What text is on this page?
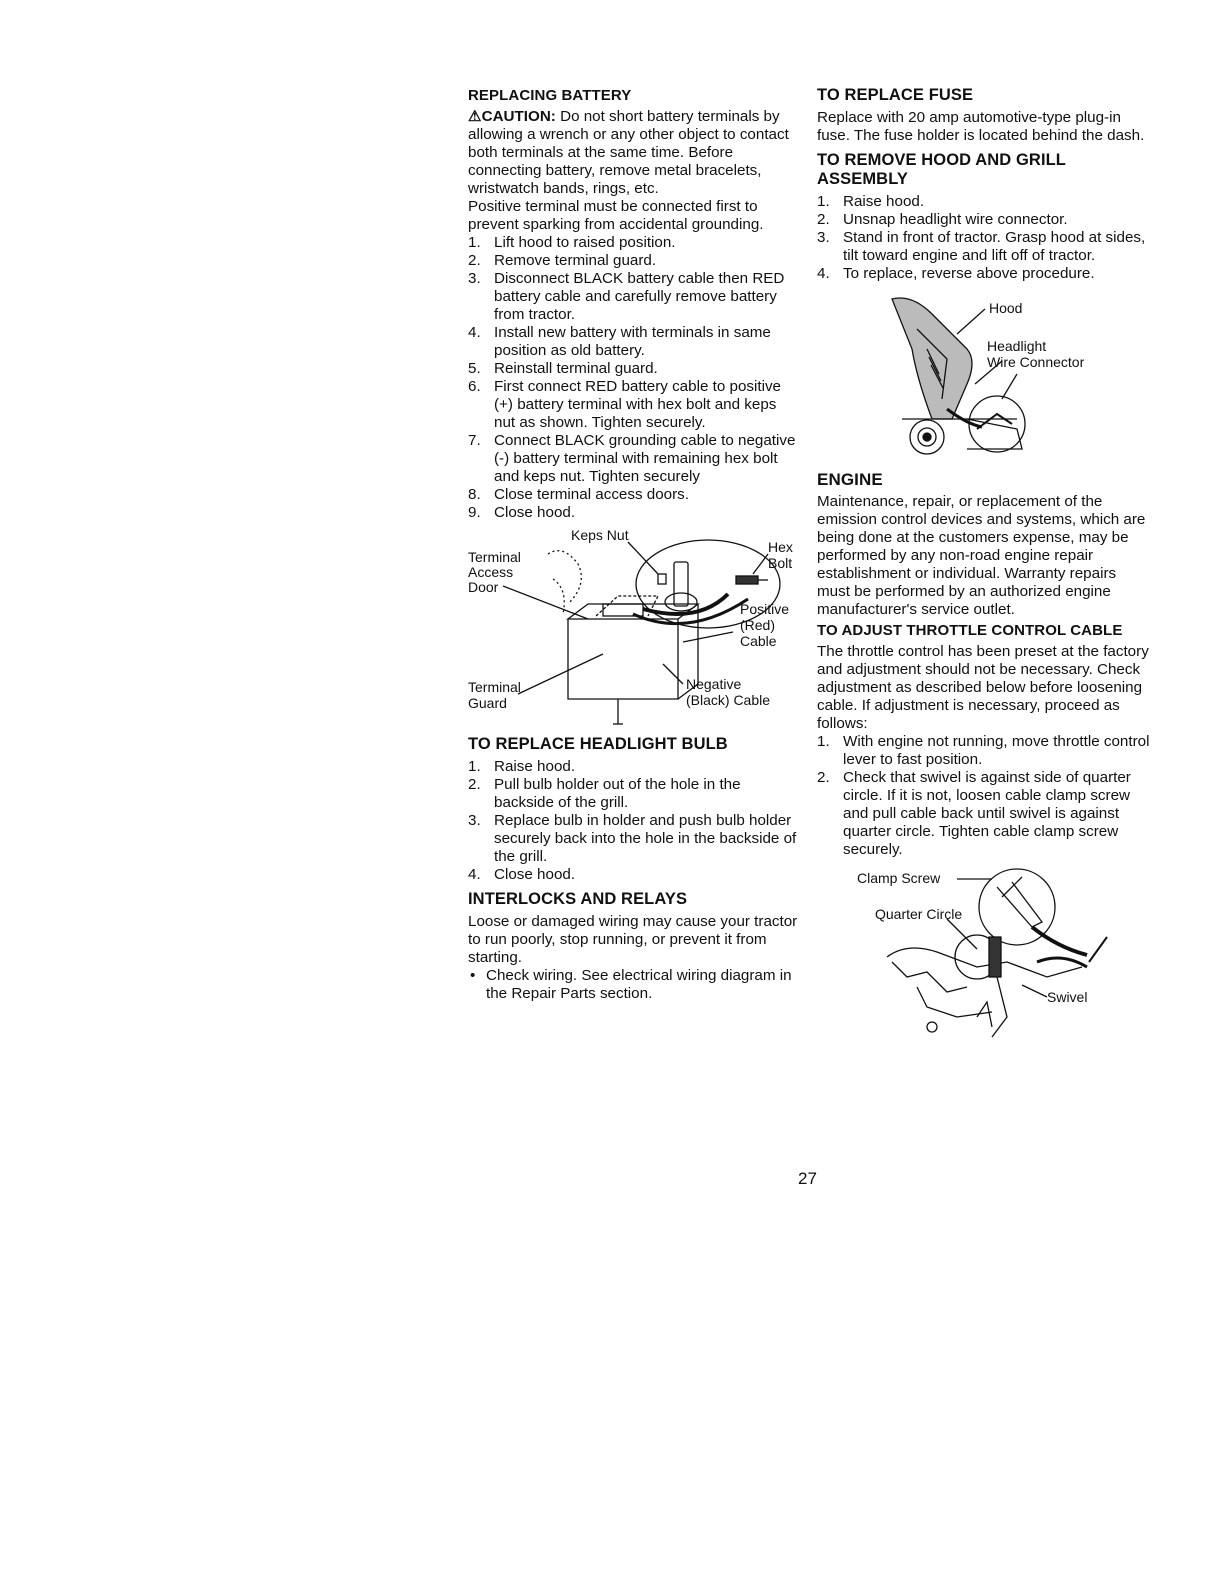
REPLACING BATTERY

⚠CAUTION: Do not short battery terminals by allowing a wrench or any other object to contact both terminals at the same time. Before connecting battery, remove metal bracelets, wristwatch bands, rings, etc.

Positive terminal must be connected first to prevent sparking from accidental grounding.

1. Lift hood to raised position.
2. Remove terminal guard.
3. Disconnect BLACK battery cable then RED battery cable and carefully remove battery from tractor.
4. Install new battery with terminals in same position as old battery.
5. Reinstall terminal guard.
6. First connect RED battery cable to positive (+) battery terminal with hex bolt and keps nut as shown. Tighten securely.
7. Connect BLACK grounding cable to negative (-) battery terminal with remaining hex bolt and keps nut. Tighten securely
8. Close terminal access doors.
9. Close hood.
Keps Nut
Hex
Bolt
Terminal
Access
Door
Positive
(Red)
Cable
Terminal
Guard
Negative
(Black) Cable
TO REPLACE HEADLIGHT BULB
1. Raise hood.
2. Pull bulb holder out of the hole in the backside of the grill.
3. Replace bulb in holder and push bulb holder securely back into the hole in the backside of the grill.
4. Close hood.
INTERLOCKS AND RELAYS

Loose or damaged wiring may cause your tractor to run poorly, stop running, or prevent it from starting.

• Check wiring. See electrical wiring diagram in the Repair Parts section.
TO REPLACE FUSE

Replace with 20 amp automotive-type plug-in fuse. The fuse holder is located behind the dash.

TO REMOVE HOOD AND GRILL ASSEMBLY
1. Raise hood.
2. Unsnap headlight wire connector.
3. Stand in front of tractor. Grasp hood at sides, tilt toward engine and lift off of tractor.
4. To replace, reverse above procedure.
Hood
Headlight
Wire Connector
ENGINE

Maintenance, repair, or replacement of the emission control devices and systems, which are being done at the customers expense, may be performed by any non-road engine repair establishment or individual. Warranty repairs must be performed by an authorized engine manufacturer's service outlet.

TO ADJUST THROTTLE CONTROL CABLE

The throttle control has been preset at the factory and adjustment should not be necessary. Check adjustment as described below before loosening cable. If adjustment is necessary, proceed as follows:

1. With engine not running, move throttle control lever to fast position.
2. Check that swivel is against side of quarter circle. If it is not, loosen cable clamp screw and pull cable back until swivel is against quarter circle. Tighten cable clamp screw securely.
Clamp Screw
Quarter Circle
Swivel
27
